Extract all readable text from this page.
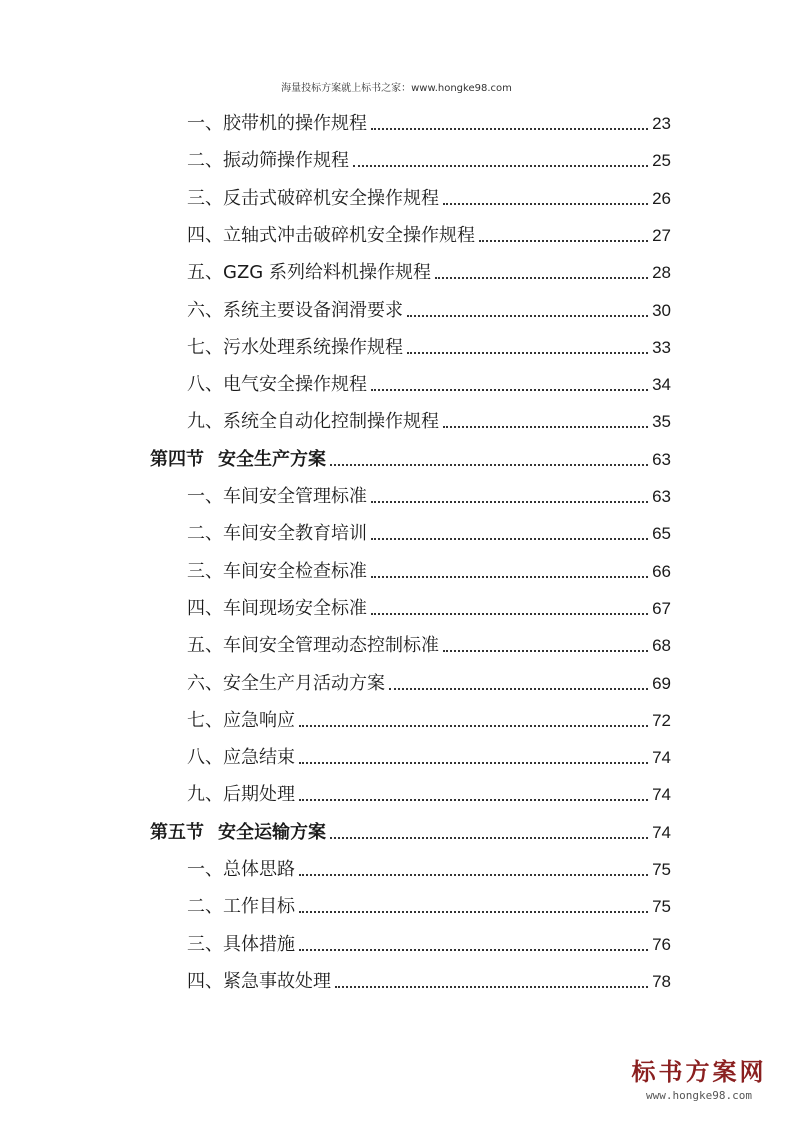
海量投标方案就上标书之家：www.hongke98.com
一、胶带机的操作规程	23
二、振动筛操作规程	25
三、反击式破碎机安全操作规程	26
四、立轴式冲击破碎机安全操作规程	27
五、GZG 系列给料机操作规程	28
六、系统主要设备润滑要求	30
七、污水处理系统操作规程	33
八、电气安全操作规程	34
九、系统全自动化控制操作规程	35
第四节 安全生产方案	63
一、车间安全管理标准	63
二、车间安全教育培训	65
三、车间安全检查标准	66
四、车间现场安全标准	67
五、车间安全管理动态控制标准	68
六、安全生产月活动方案	69
七、应急响应	72
八、应急结束	74
九、后期处理	74
第五节 安全运输方案	74
一、总体思路	75
二、工作目标	75
三、具体措施	76
四、紧急事故处理	78
标书方案网
www.hongke98.com
